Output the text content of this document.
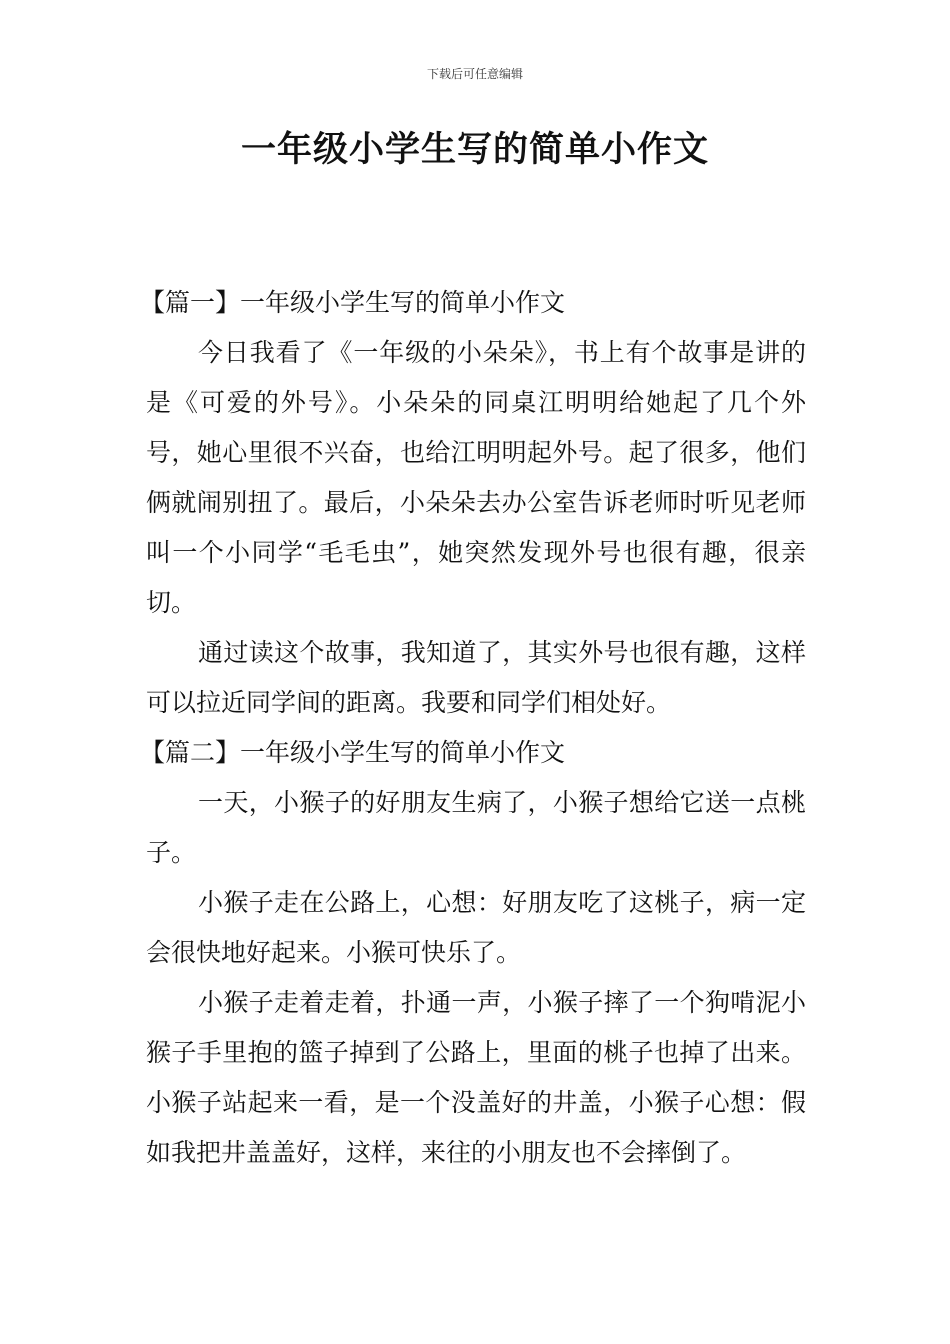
下载后可任意编辑
一年级小学生写的简单小作文

【篇一】一年级小学生写的简单小作文

今日我看了《一年级的小朵朵》，书上有个故事是讲的是《可爱的外号》。小朵朵的同桌江明明给她起了几个外号，她心里很不兴奋，也给江明明起外号。起了很多，他们俩就闹别扭了。最后，小朵朵去办公室告诉老师时听见老师叫一个小同学“毛毛虫”，她突然发现外号也很有趣，很亲切。

通过读这个故事，我知道了，其实外号也很有趣，这样可以拉近同学间的距离。我要和同学们相处好。

【篇二】一年级小学生写的简单小作文

一天，小猴子的好朋友生病了，小猴子想给它送一点桃子。

小猴子走在公路上，心想：好朋友吃了这桃子，病一定会很快地好起来。小猴可快乐了。

小猴子走着走着，扑通一声，小猴子摔了一个狗啃泥小猴子手里抱的篮子掉到了公路上，里面的桃子也掉了出来。小猴子站起来一看，是一个没盖好的井盖，小猴子心想：假如我把井盖盖好，这样，来往的小朋友也不会摔倒了。
